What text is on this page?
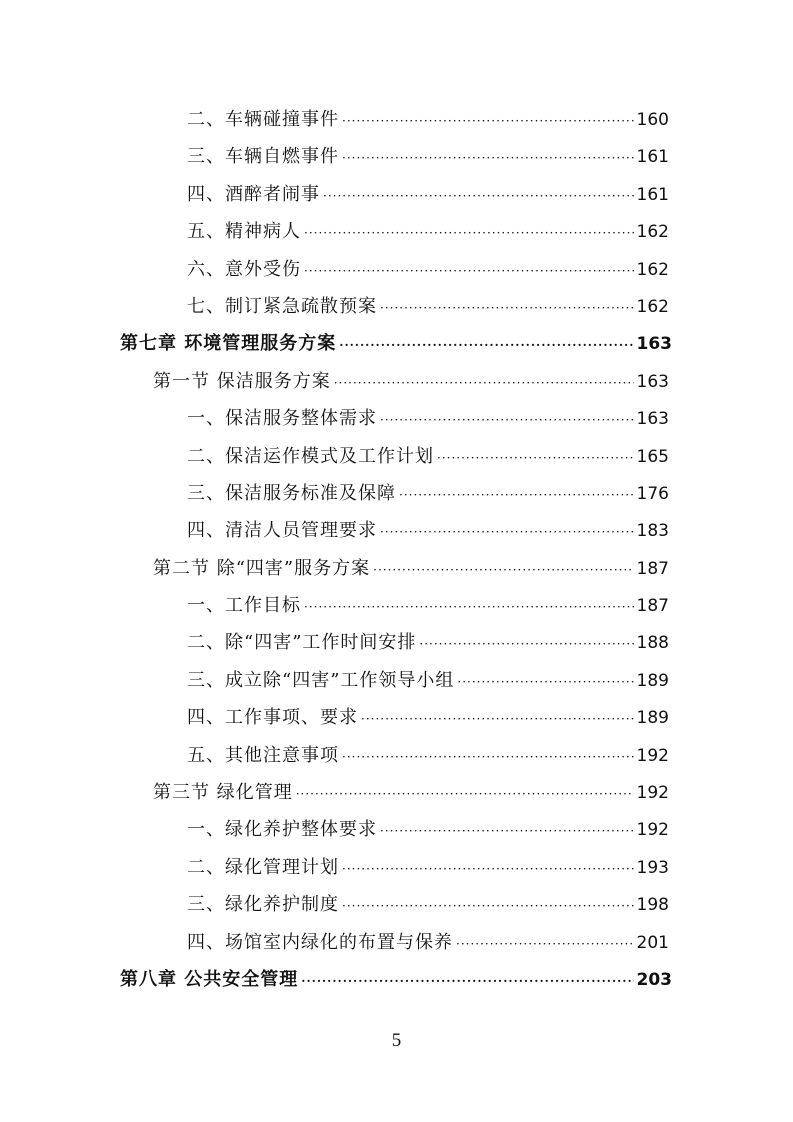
二、车辆碰撞事件 ·····	160
三、车辆自燃事件 ·····	161
四、酒醉者闹事 ·····	161
五、精神病人 ·····	162
六、意外受伤 ·····	162
七、制订紧急疏散预案 ·····	162
第七章 环境管理服务方案 ·····	163
第一节 保洁服务方案 ·····	163
一、保洁服务整体需求 ·····	163
二、保洁运作模式及工作计划 ·····	165
三、保洁服务标准及保障 ·····	176
四、清洁人员管理要求 ·····	183
第二节 除“四害”服务方案 ·····	187
一、工作目标 ·····	187
二、除“四害”工作时间安排 ·····	188
三、成立除“四害”工作领导小组 ·····	189
四、工作事项、要求 ·····	189
五、其他注意事项 ·····	192
第三节 绿化管理 ·····	192
一、绿化养护整体要求 ·····	192
二、绿化管理计划 ·····	193
三、绿化养护制度 ·····	198
四、场馆室内绿化的布置与保养 ·····	201
第八章 公共安全管理 ·····	203
5
